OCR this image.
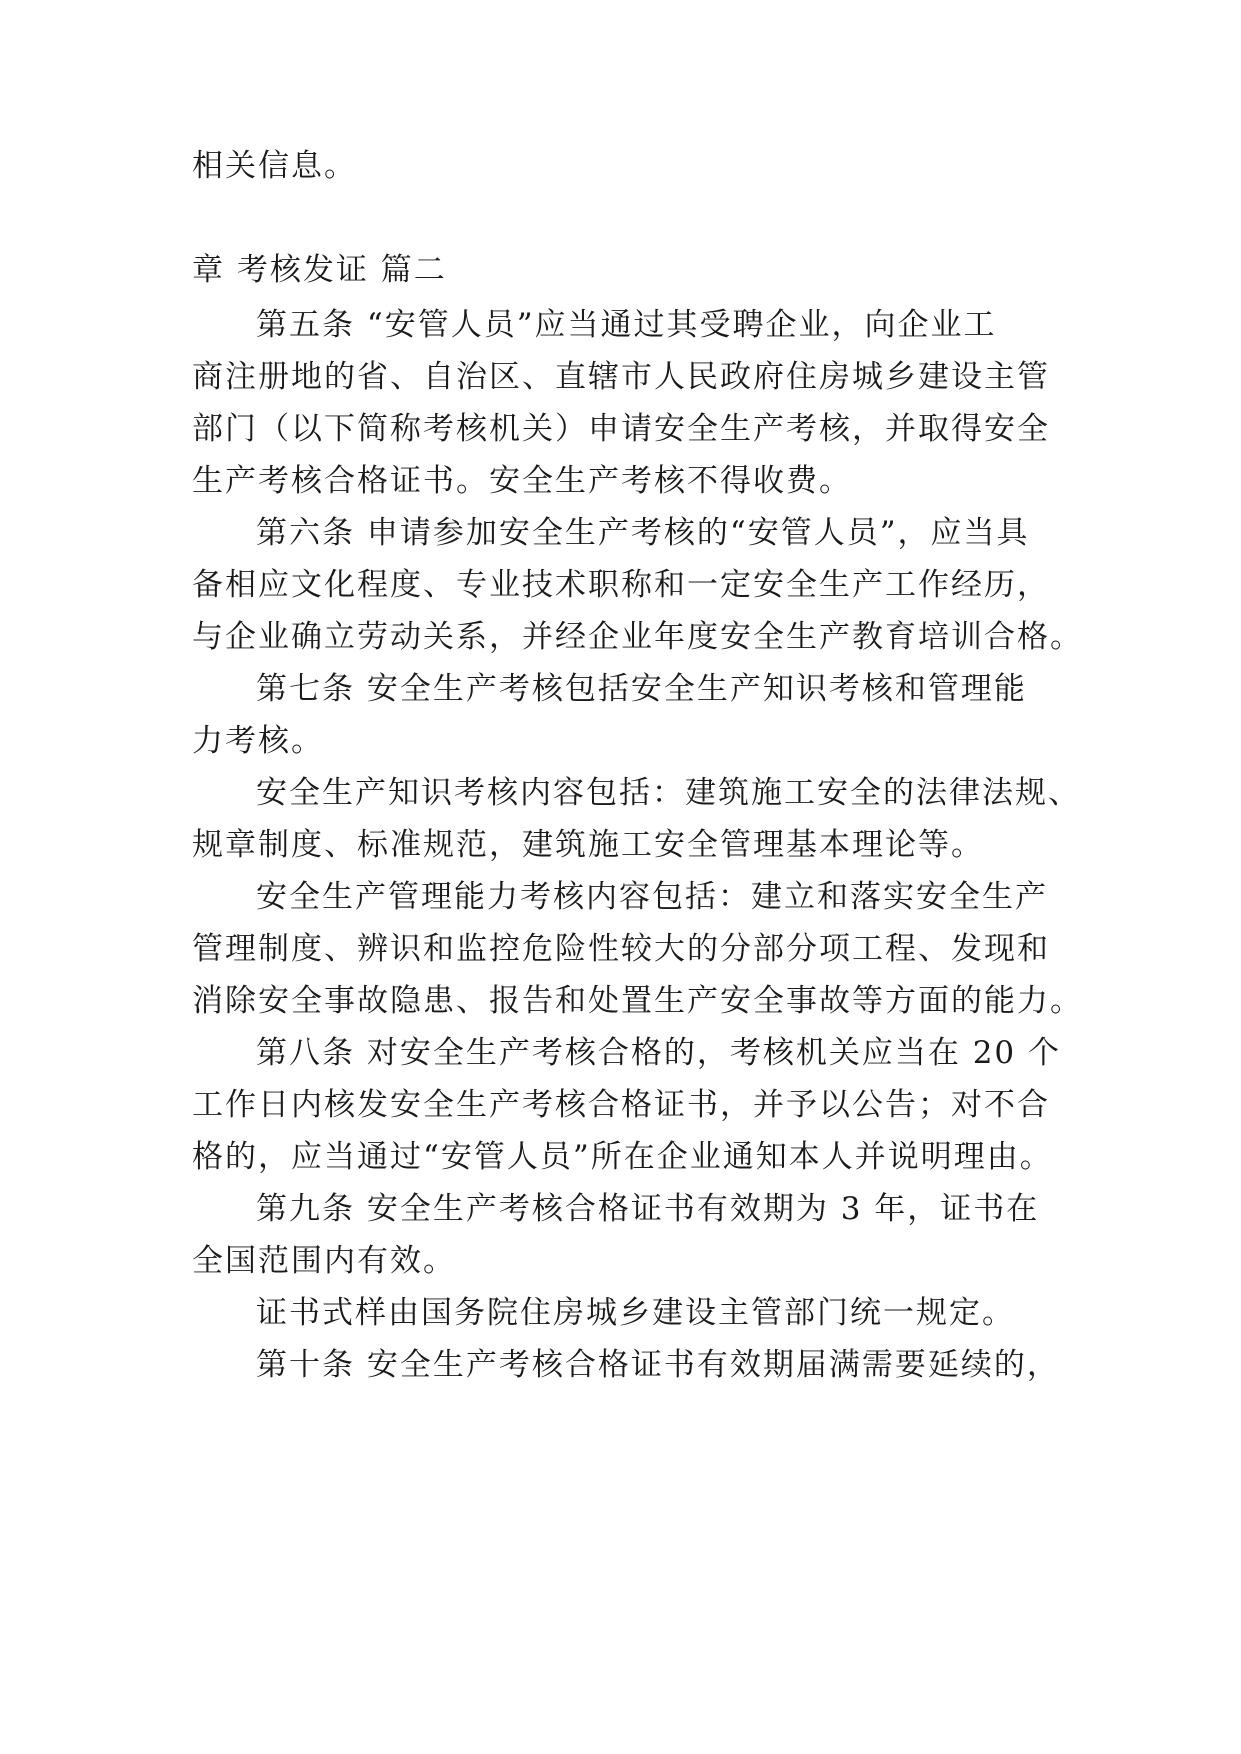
相关信息。

章 考核发证 篇二

第五条 “安管人员”应当通过其受聘企业，向企业工

商注册地的省、自治区、直辖市人民政府住房城乡建设主管

部门（以下简称考核机关）申请安全生产考核，并取得安全

生产考核合格证书。安全生产考核不得收费。

第六条 申请参加安全生产考核的“安管人员”，应当具

备相应文化程度、专业技术职称和一定安全生产工作经历，

与企业确立劳动关系，并经企业年度安全生产教育培训合格。

第七条 安全生产考核包括安全生产知识考核和管理能

力考核。

安全生产知识考核内容包括：建筑施工安全的法律法规、

规章制度、标准规范，建筑施工安全管理基本理论等。

安全生产管理能力考核内容包括：建立和落实安全生产

管理制度、辨识和监控危险性较大的分部分项工程、发现和

消除安全事故隐患、报告和处置生产安全事故等方面的能力。

第八条 对安全生产考核合格的，考核机关应当在 20 个

工作日内核发安全生产考核合格证书，并予以公告；对不合

格的，应当通过“安管人员”所在企业通知本人并说明理由。

第九条 安全生产考核合格证书有效期为 3 年，证书在

全国范围内有效。

证书式样由国务院住房城乡建设主管部门统一规定。

第十条 安全生产考核合格证书有效期届满需要延续的，
